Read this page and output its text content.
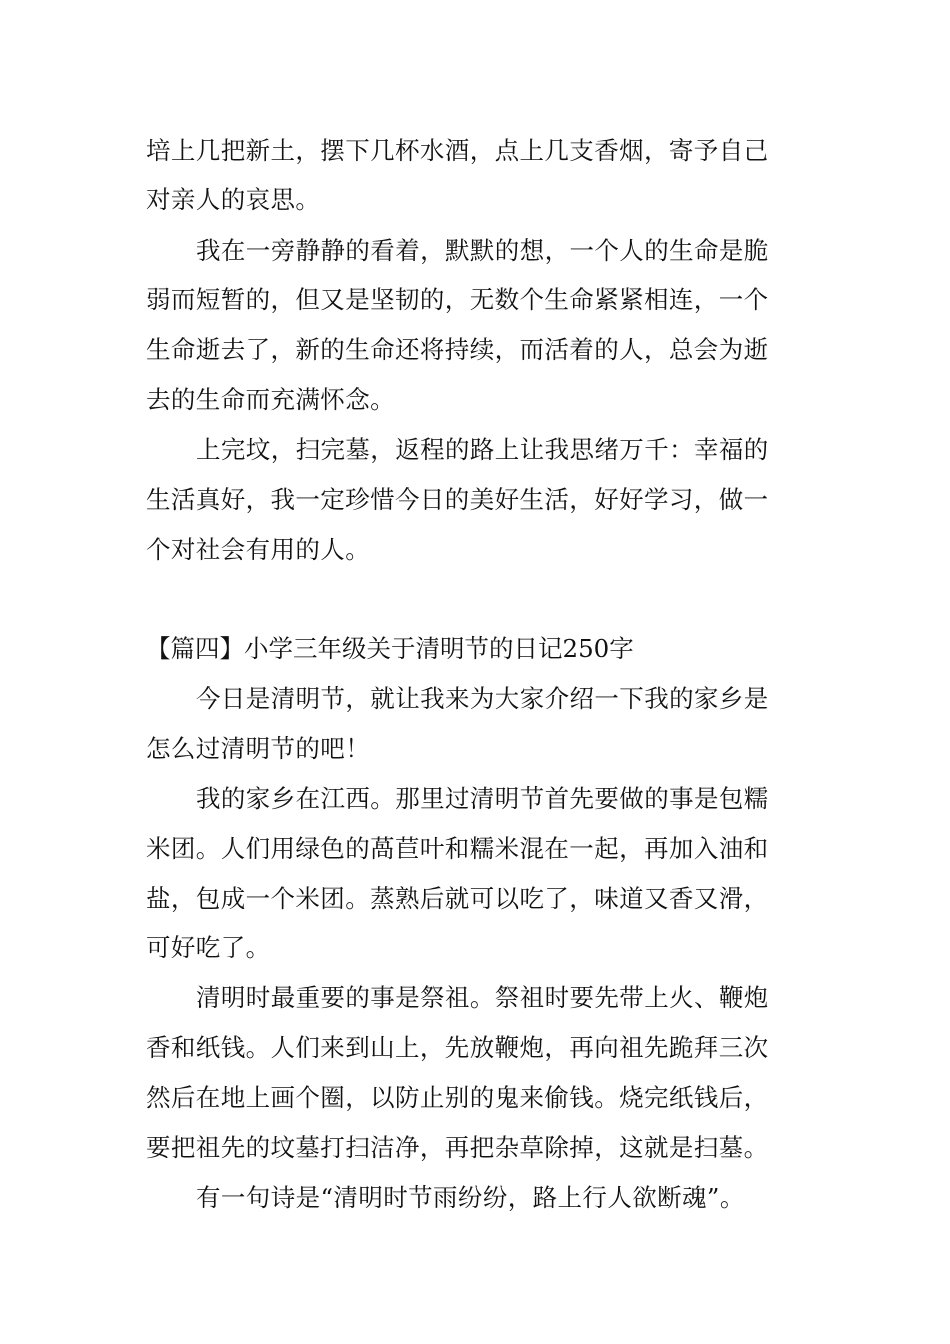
培上几把新土，摆下几杯水酒，点上几支香烟，寄予自己
对亲人的哀思。
我在一旁静静的看着，默默的想，一个人的生命是脆
弱而短暂的，但又是坚韧的，无数个生命紧紧相连，一个
生命逝去了，新的生命还将持续，而活着的人，总会为逝
去的生命而充满怀念。
上完坟，扫完墓，返程的路上让我思绪万千：幸福的
生活真好，我一定珍惜今日的美好生活，好好学习，做一
个对社会有用的人。
【篇四】小学三年级关于清明节的日记250字
今日是清明节，就让我来为大家介绍一下我的家乡是
怎么过清明节的吧！
我的家乡在江西。那里过清明节首先要做的事是包糯
米团。人们用绿色的萵苣叶和糯米混在一起，再加入油和
盐，包成一个米团。蒸熟后就可以吃了，味道又香又滑，
可好吃了。
清明时最重要的事是祭祖。祭祖时要先带上火、鞭炮
香和纸钱。人们来到山上，先放鞭炮，再向祖先跪拜三次
然后在地上画个圈，以防止别的鬼来偷钱。烧完纸钱后，
要把祖先的坟墓打扫洁净，再把杂草除掉，这就是扫墓。
有一句诗是“清明时节雨纷纷，路上行人欲断魂”。
